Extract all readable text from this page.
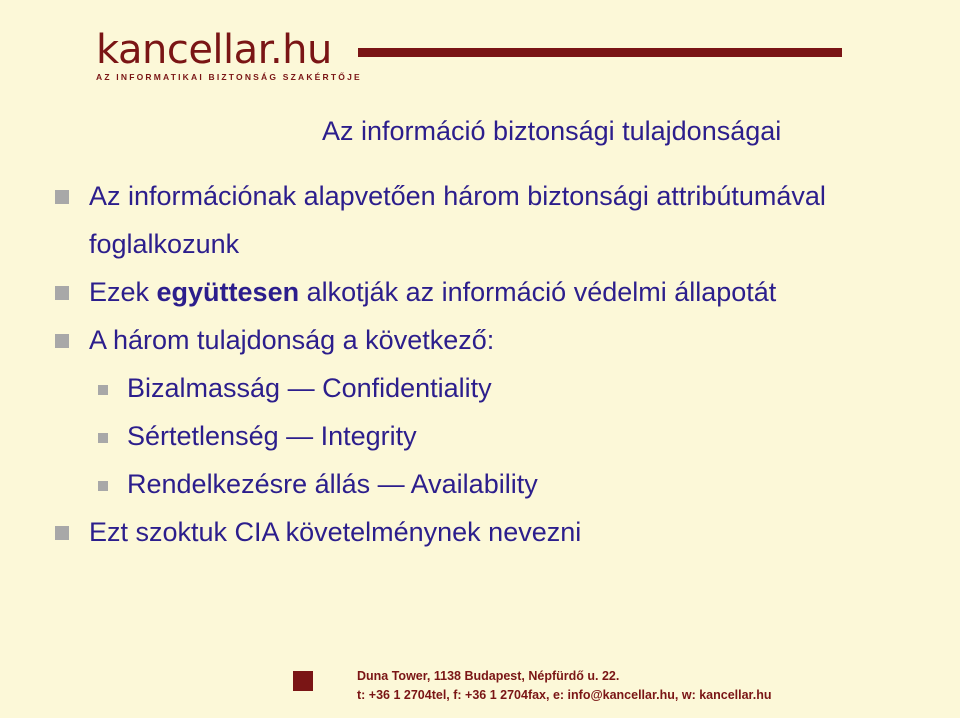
kancellar.hu
AZ INFORMATIKAI BIZTONSÁG SZAKÉRTŐJE
Az információ biztonsági tulajdonságai
Az információnak alapvetően három biztonsági attribútumával foglalkozunk
Ezek együttesen alkotják az információ védelmi állapotát
A három tulajdonság a következő:
Bizalmasság — Confidentiality
Sértetlenség — Integrity
Rendelkezésre állás — Availability
Ezt szoktuk CIA követelménynek nevezni
Duna Tower, 1138 Budapest, Népfürdő u. 22.
t: +36 1 2704tel, f: +36 1 2704fax, e: info@kancellar.hu, w: kancellar.hu
